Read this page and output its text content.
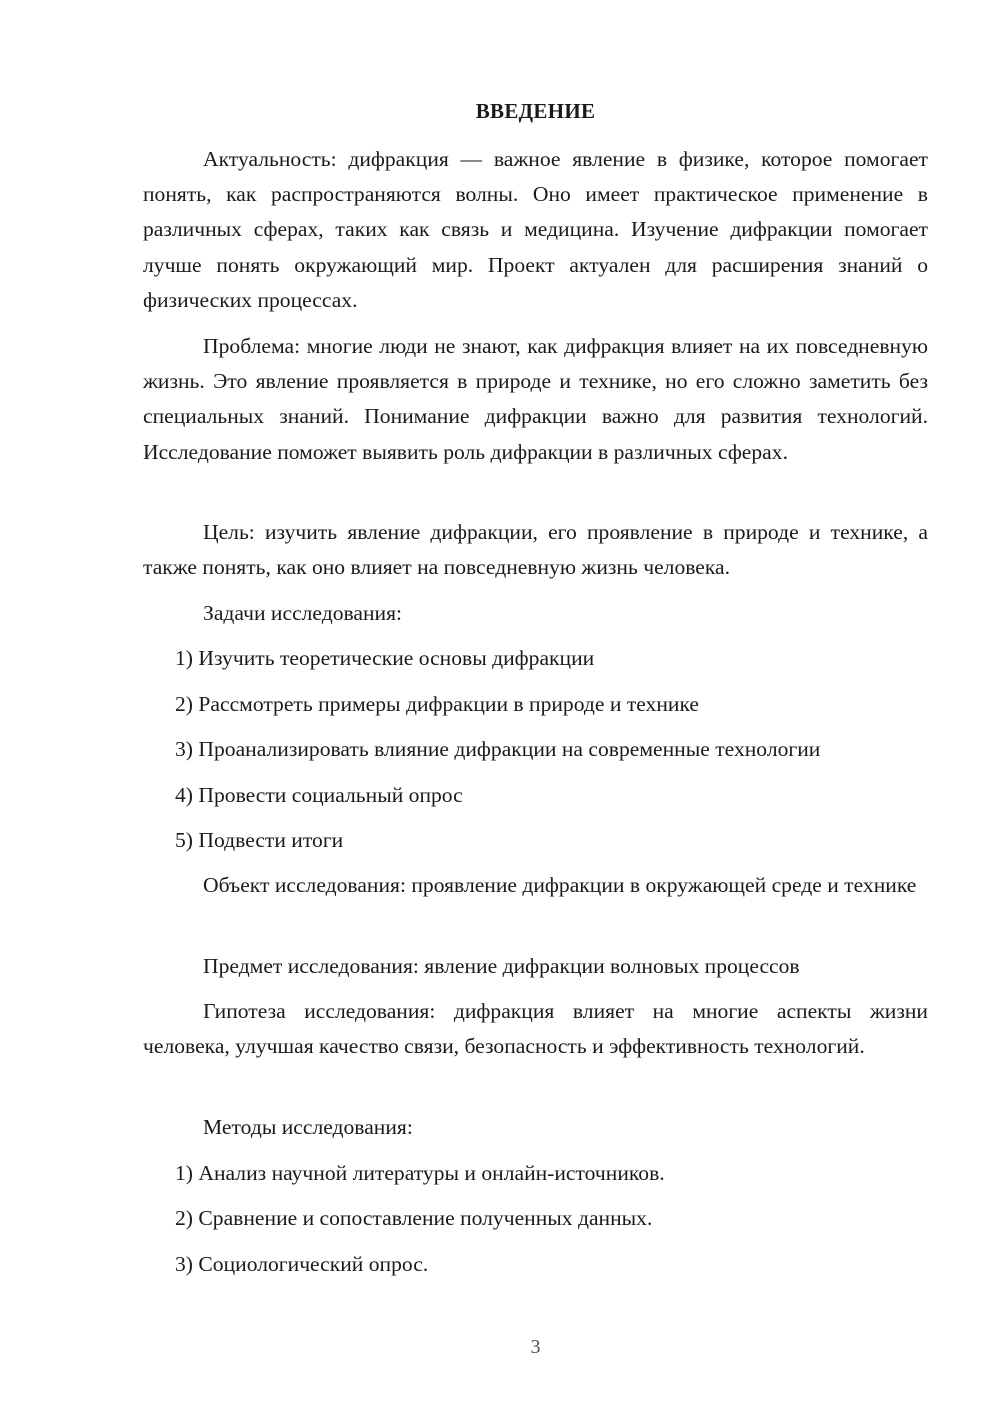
ВВЕДЕНИЕ

Актуальность: дифракция — важное явление в физике, которое помогает понять, как распространяются волны. Оно имеет практическое применение в различных сферах, таких как связь и медицина. Изучение дифракции помогает лучше понять окружающий мир. Проект актуален для расширения знаний о физических процессах.

Проблема: многие люди не знают, как дифракция влияет на их повседневную жизнь. Это явление проявляется в природе и технике, но его сложно заметить без специальных знаний. Понимание дифракции важно для развития технологий. Исследование поможет выявить роль дифракции в различных сферах.

Цель: изучить явление дифракции, его проявление в природе и технике, а также понять, как оно влияет на повседневную жизнь человека.

Задачи исследования:
1) Изучить теоретические основы дифракции
2) Рассмотреть примеры дифракции в природе и технике
3) Проанализировать влияние дифракции на современные технологии
4) Провести социальный опрос
5) Подвести итоги

Объект исследования: проявление дифракции в окружающей среде и технике

Предмет исследования: явление дифракции волновых процессов

Гипотеза исследования: дифракция влияет на многие аспекты жизни человека, улучшая качество связи, безопасность и эффективность технологий.

Методы исследования:
1) Анализ научной литературы и онлайн-источников.
2) Сравнение и сопоставление полученных данных.
3) Социологический опрос.
3
